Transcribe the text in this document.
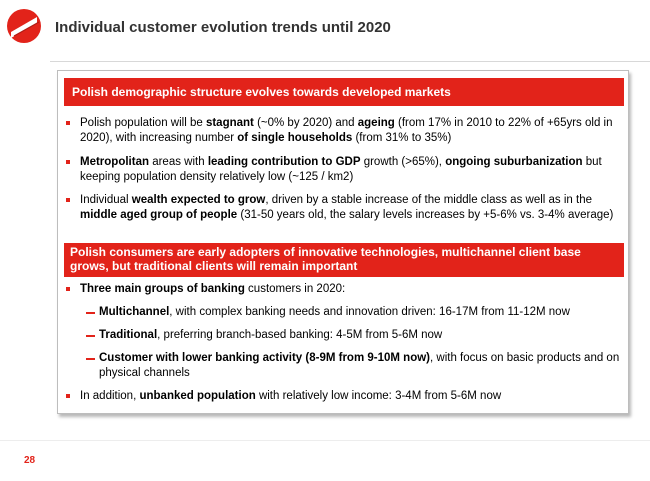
Individual customer evolution trends until 2020
Polish demographic structure evolves towards developed markets
Polish population will be stagnant (~0% by 2020) and ageing (from 17% in 2010 to 22% of +65yrs old in 2020), with increasing number of single households (from 31% to 35%)
Metropolitan areas with leading contribution to GDP growth (>65%), ongoing suburbanization but keeping population density relatively low (~125 / km2)
Individual wealth expected to grow, driven by a stable increase of the middle class as well as in the middle aged group of people (31-50 years old, the salary levels increases by +5-6% vs. 3-4% average)
Polish consumers are early adopters of innovative technologies, multichannel client base grows, but traditional clients will remain important
Three main groups of banking customers in 2020:
Multichannel, with complex banking needs and innovation driven: 16-17M from 11-12M now
Traditional, preferring branch-based banking: 4-5M from 5-6M now
Customer with lower banking activity (8-9M from 9-10M now), with focus on basic products and on physical channels
In addition, unbanked population with relatively low income: 3-4M from 5-6M now
28
